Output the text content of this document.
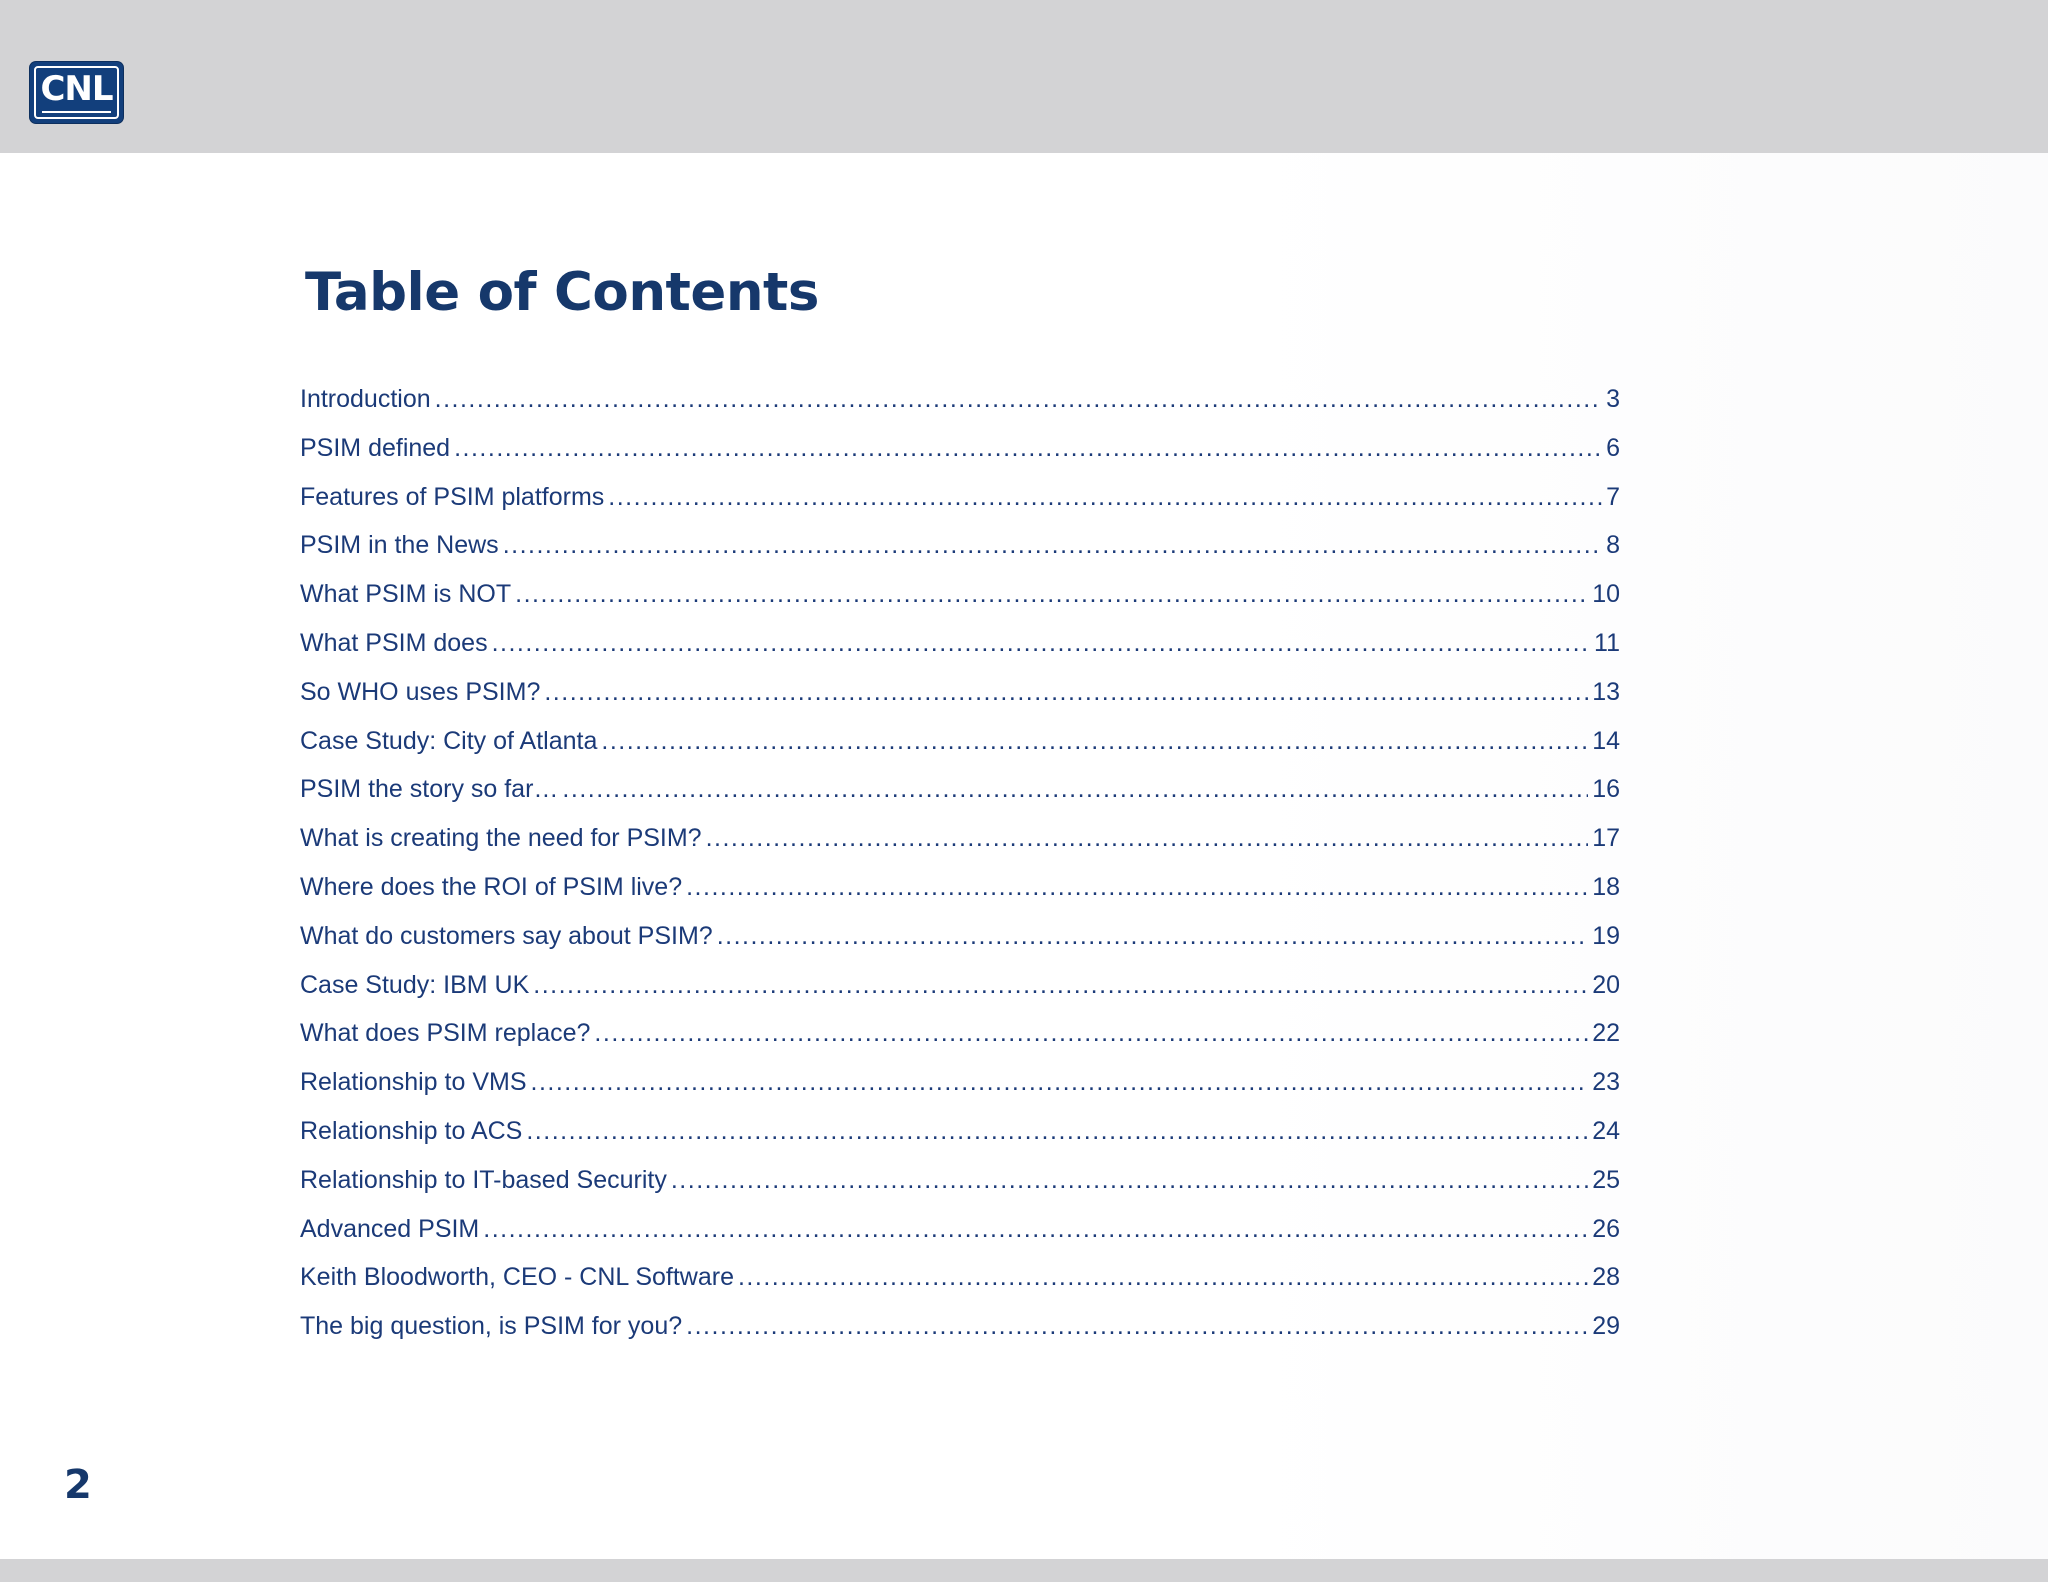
CNL
Table of Contents
Introduction .....	3
PSIM defined .....	6
Features of PSIM platforms .....	7
PSIM in the News .....	8
What PSIM is NOT .....	10
What PSIM does .....	11
So WHO uses PSIM? .....	13
Case Study: City of Atlanta .....	14
PSIM the story so far… .....	16
What is creating the need for PSIM? .....	17
Where does the ROI of PSIM live? .....	18
What do customers say about PSIM? .....	19
Case Study: IBM UK .....	20
What does PSIM replace? .....	22
Relationship to VMS .....	23
Relationship to ACS .....	24
Relationship to IT-based Security .....	25
Advanced PSIM .....	26
Keith Bloodworth, CEO - CNL Software .....	28
The big question, is PSIM for you? .....	29
2
